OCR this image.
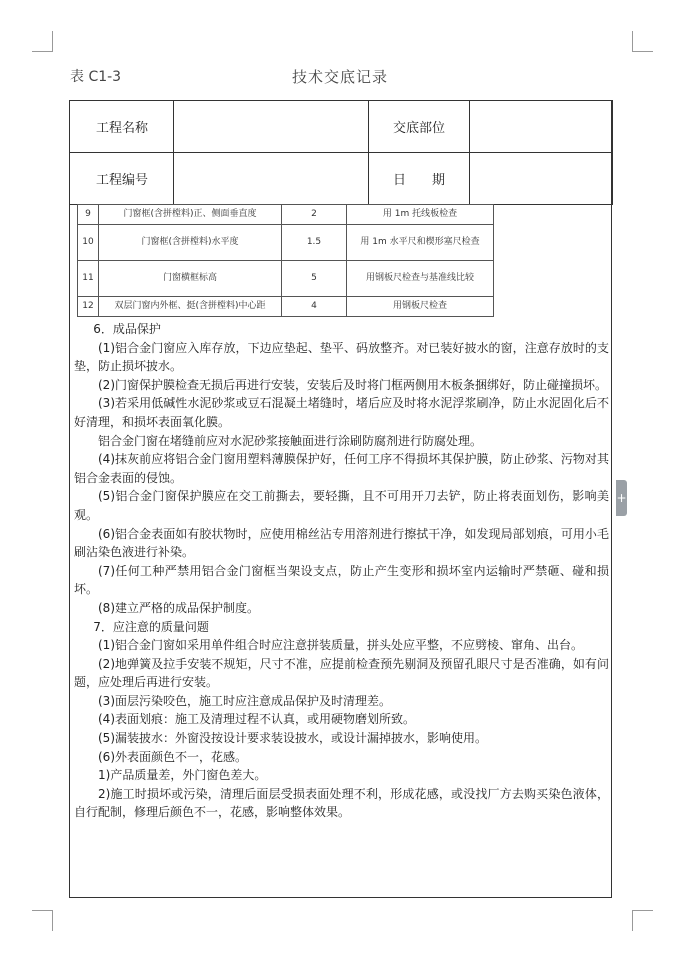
表 C1-3	技术交底记录
工程名称		交底部位	
工程编号		日　　期	
9	门窗框(含拼樘料)正、侧面垂直度	2	用 1m 托线板检查
10	门窗框(含拼樘料)水平度	1.5	用 1m 水平尺和楔形塞尺检查
11	门窗横框标高	5	用钢板尺检查与基准线比较
12	双层门窗内外框、挺(含拼樘料)中心距	4	用钢板尺检查

6．成品保护

(1)铝合金门窗应入库存放，下边应垫起、垫平、码放整齐。对已装好披水的窗，注意存放时的支垫，防止损坏披水。

(2)门窗保护膜检查无损后再进行安装，安装后及时将门框两侧用木板条捆绑好，防止碰撞损坏。

(3)若采用低碱性水泥砂浆或豆石混凝土堵缝时，堵后应及时将水泥浮浆刷净，防止水泥固化后不好清理，和损坏表面氧化膜。

铝合金门窗在堵缝前应对水泥砂浆接触面进行涂刷防腐剂进行防腐处理。

(4)抹灰前应将铝合金门窗用塑料薄膜保护好，任何工序不得损坏其保护膜，防止砂浆、污物对其铝合金表面的侵蚀。

(5)铝合金门窗保护膜应在交工前撕去，要轻撕，且不可用开刀去铲，防止将表面划伤，影响美观。

(6)铝合金表面如有胶状物时，应使用棉丝沾专用溶剂进行擦拭干净，如发现局部划痕，可用小毛刷沾染色液进行补染。

(7)任何工种严禁用铝合金门窗框当架设支点，防止产生变形和损坏室内运输时严禁砸、碰和损坏。

(8)建立严格的成品保护制度。

7．应注意的质量问题

(1)铝合金门窗如采用单件组合时应注意拼装质量，拼头处应平整，不应劈棱、窜角、出台。

(2)地弹簧及拉手安装不规矩，尺寸不准，应提前检查预先剔洞及预留孔眼尺寸是否准确，如有问题，应处理后再进行安装。

(3)面层污染咬色，施工时应注意成品保护及时清理差。

(4)表面划痕：施工及清理过程不认真，或用硬物磨划所致。

(5)漏装披水：外窗没按设计要求装设披水，或设计漏掉披水，影响使用。

(6)外表面颜色不一，花感。

1)产品质量差，外门窗色差大。

2)施工时损坏或污染，清理后面层受损表面处理不利，形成花感，或没找厂方去购买染色液体，自行配制，修理后颜色不一，花感，影响整体效果。

+
